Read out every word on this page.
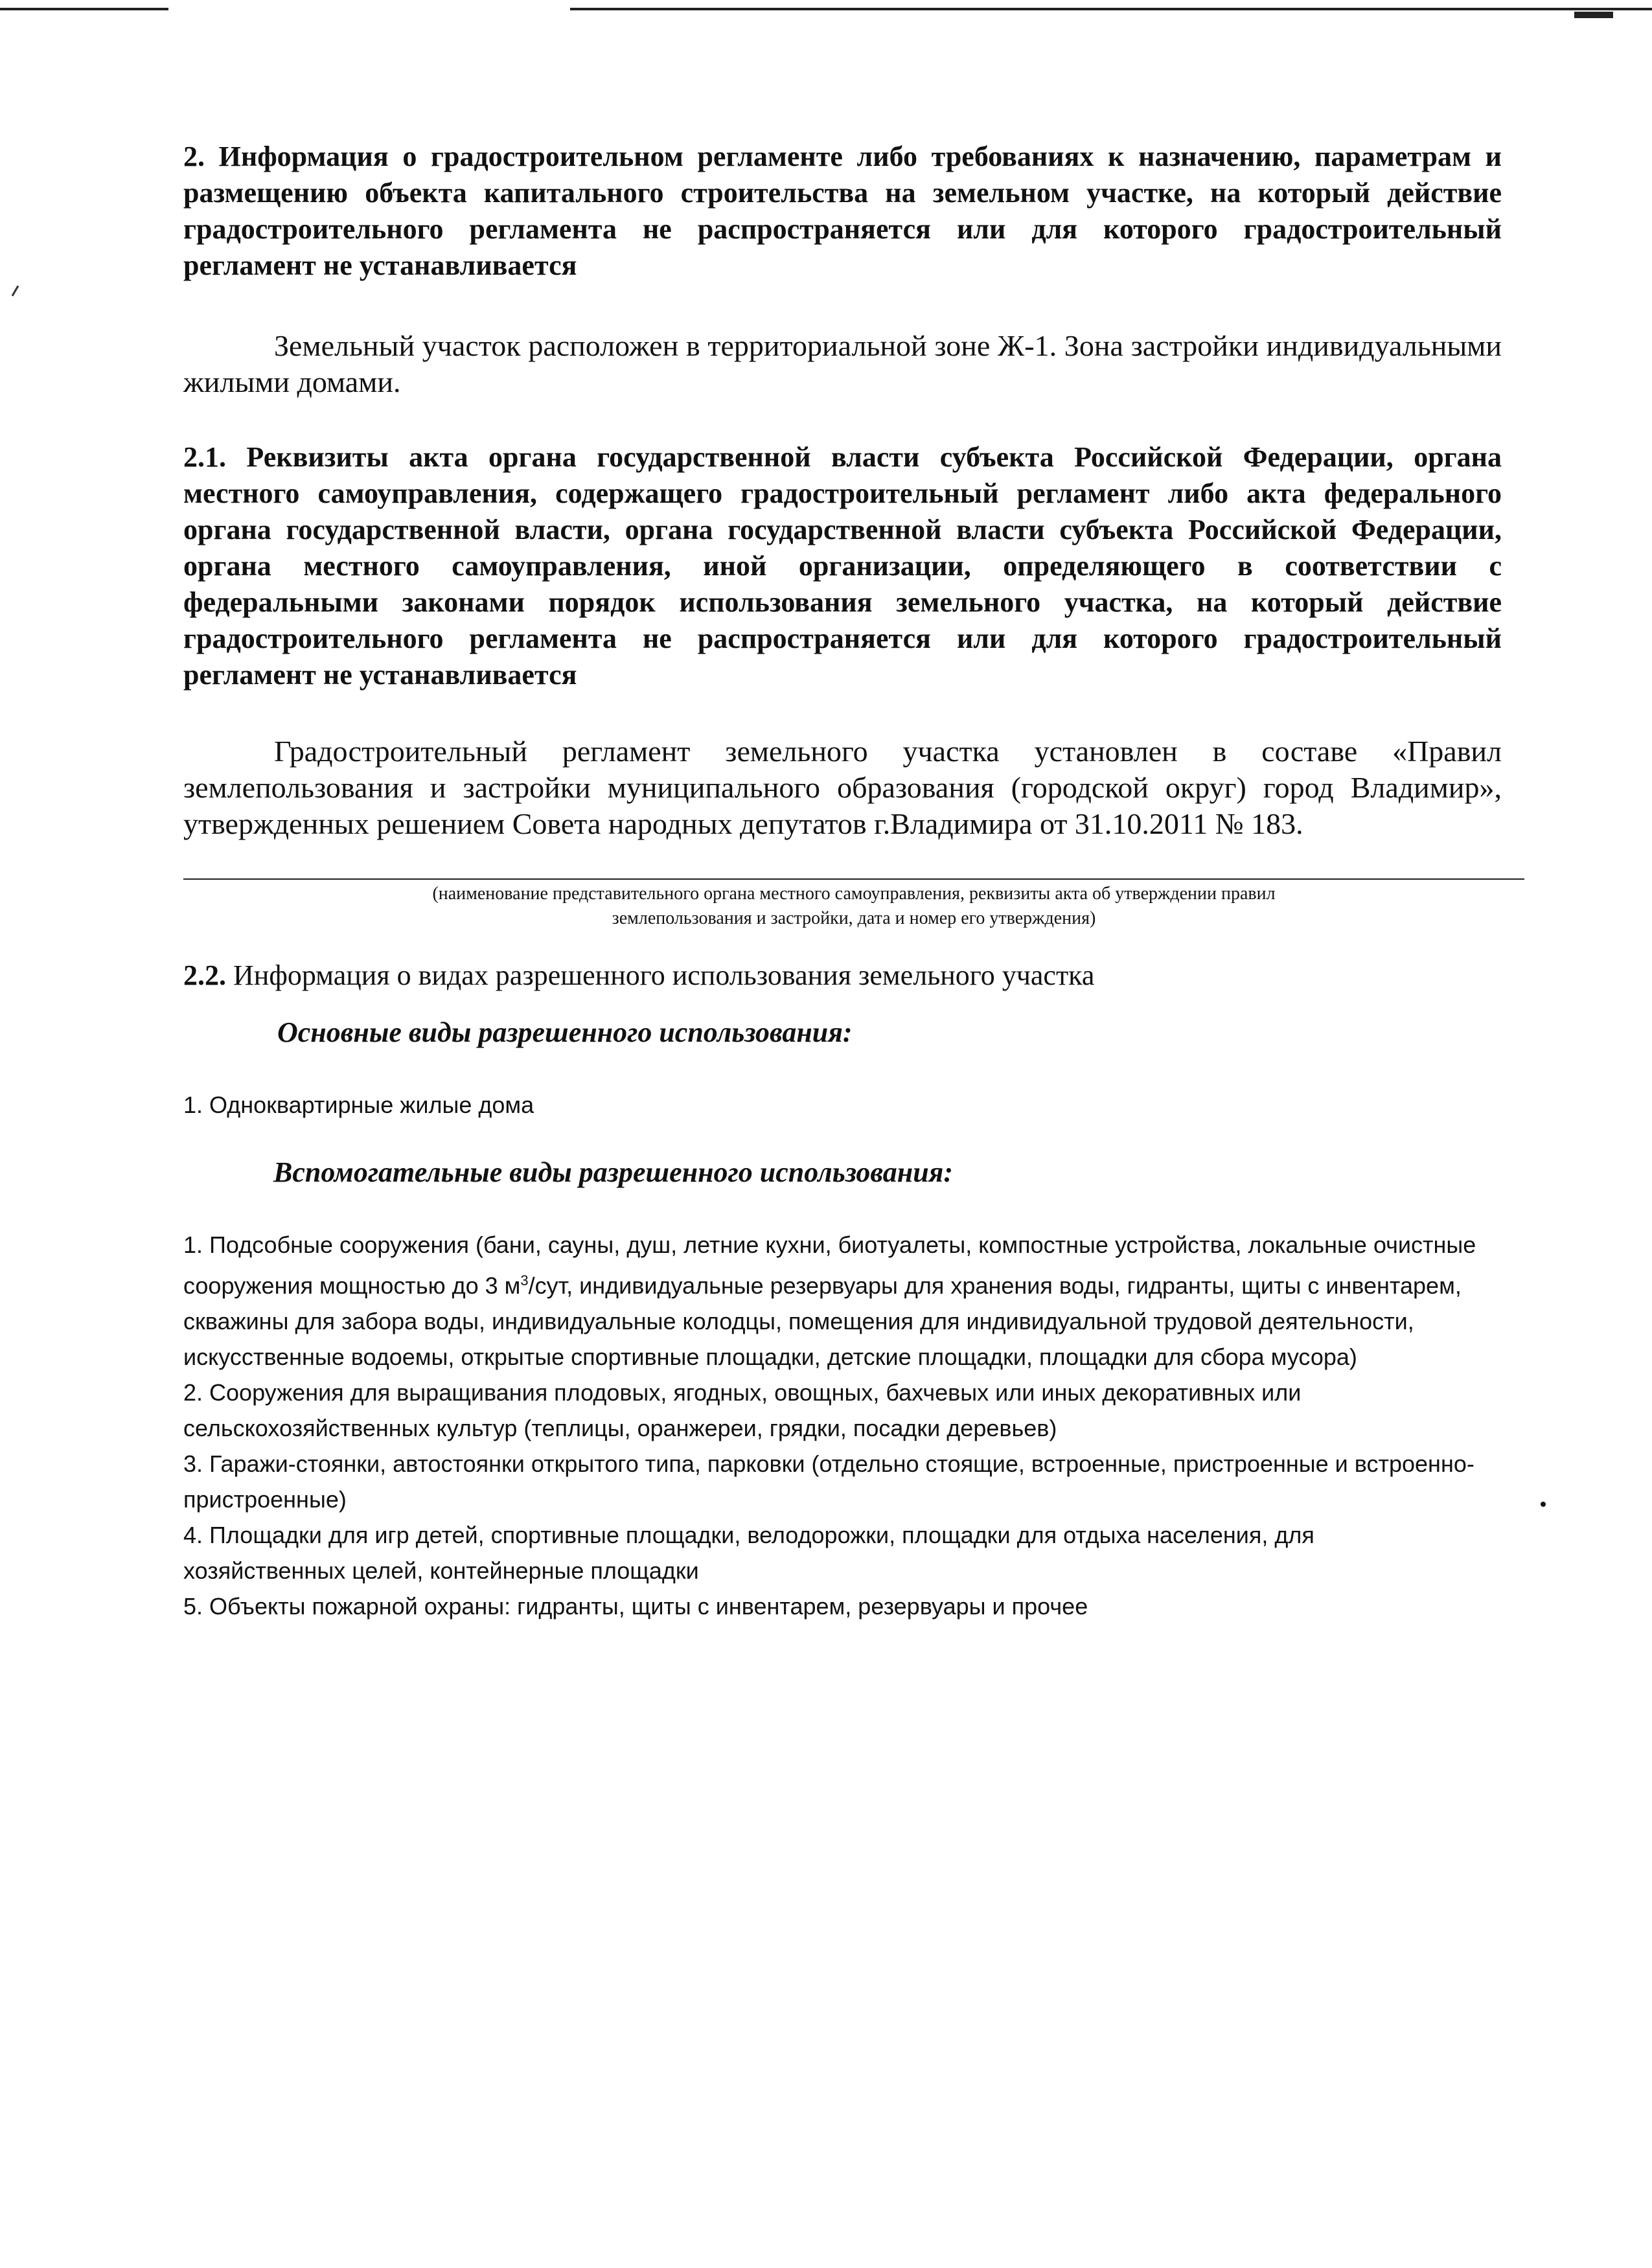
2. Информация о градостроительном регламенте либо требованиях к назначению, параметрам и размещению объекта капитального строительства на земельном участке, на который действие градостроительного регламента не распространяется или для которого градостроительный регламент не устанавливается

Земельный участок расположен в территориальной зоне Ж-1. Зона застройки индивидуальными жилыми домами.

2.1. Реквизиты акта органа государственной власти субъекта Российской Федерации, органа местного самоуправления, содержащего градостроительный регламент либо акта федерального органа государственной власти, органа государственной власти субъекта Российской Федерации, органа местного самоуправления, иной организации, определяющего в соответствии с федеральными законами порядок использования земельного участка, на который действие градостроительного регламента не распространяется или для которого градостроительный регламент не устанавливается

Градостроительный регламент земельного участка установлен в составе «Правил землепользования и застройки муниципального образования (городской округ) город Владимир», утвержденных решением Совета народных депутатов г.Владимира от 31.10.2011 № 183.

(наименование представительного органа местного самоуправления, реквизиты акта об утверждении правил

землепользования и застройки, дата и номер его утверждения)

2.2. Информация о видах разрешенного использования земельного участка

Основные виды разрешенного использования:

1. Одноквартирные жилые дома

Вспомогательные виды разрешенного использования:

1. Подсобные сооружения (бани, сауны, душ, летние кухни, биотуалеты, компостные устройства, локальные очистные сооружения мощностью до 3 $м^3$/сут, индивидуальные резервуары для хранения воды, гидранты, щиты с инвентарем, скважины для забора воды, индивидуальные колодцы, помещения для индивидуальной трудовой деятельности, искусственные водоемы, открытые спортивные площадки, детские площадки, площадки для сбора мусора)
2. Сооружения для выращивания плодовых, ягодных, овощных, бахчевых или иных декоративных или сельскохозяйственных культур (теплицы, оранжереи, грядки, посадки деревьев)
3. Гаражи-стоянки, автостоянки открытого типа, парковки (отдельно стоящие, встроенные, пристроенные и встроенно-пристроенные)
4. Площадки для игр детей, спортивные площадки, велодорожки, площадки для отдыха населения, для хозяйственных целей, контейнерные площадки
5. Объекты пожарной охраны: гидранты, щиты с инвентарем, резервуары и прочее
